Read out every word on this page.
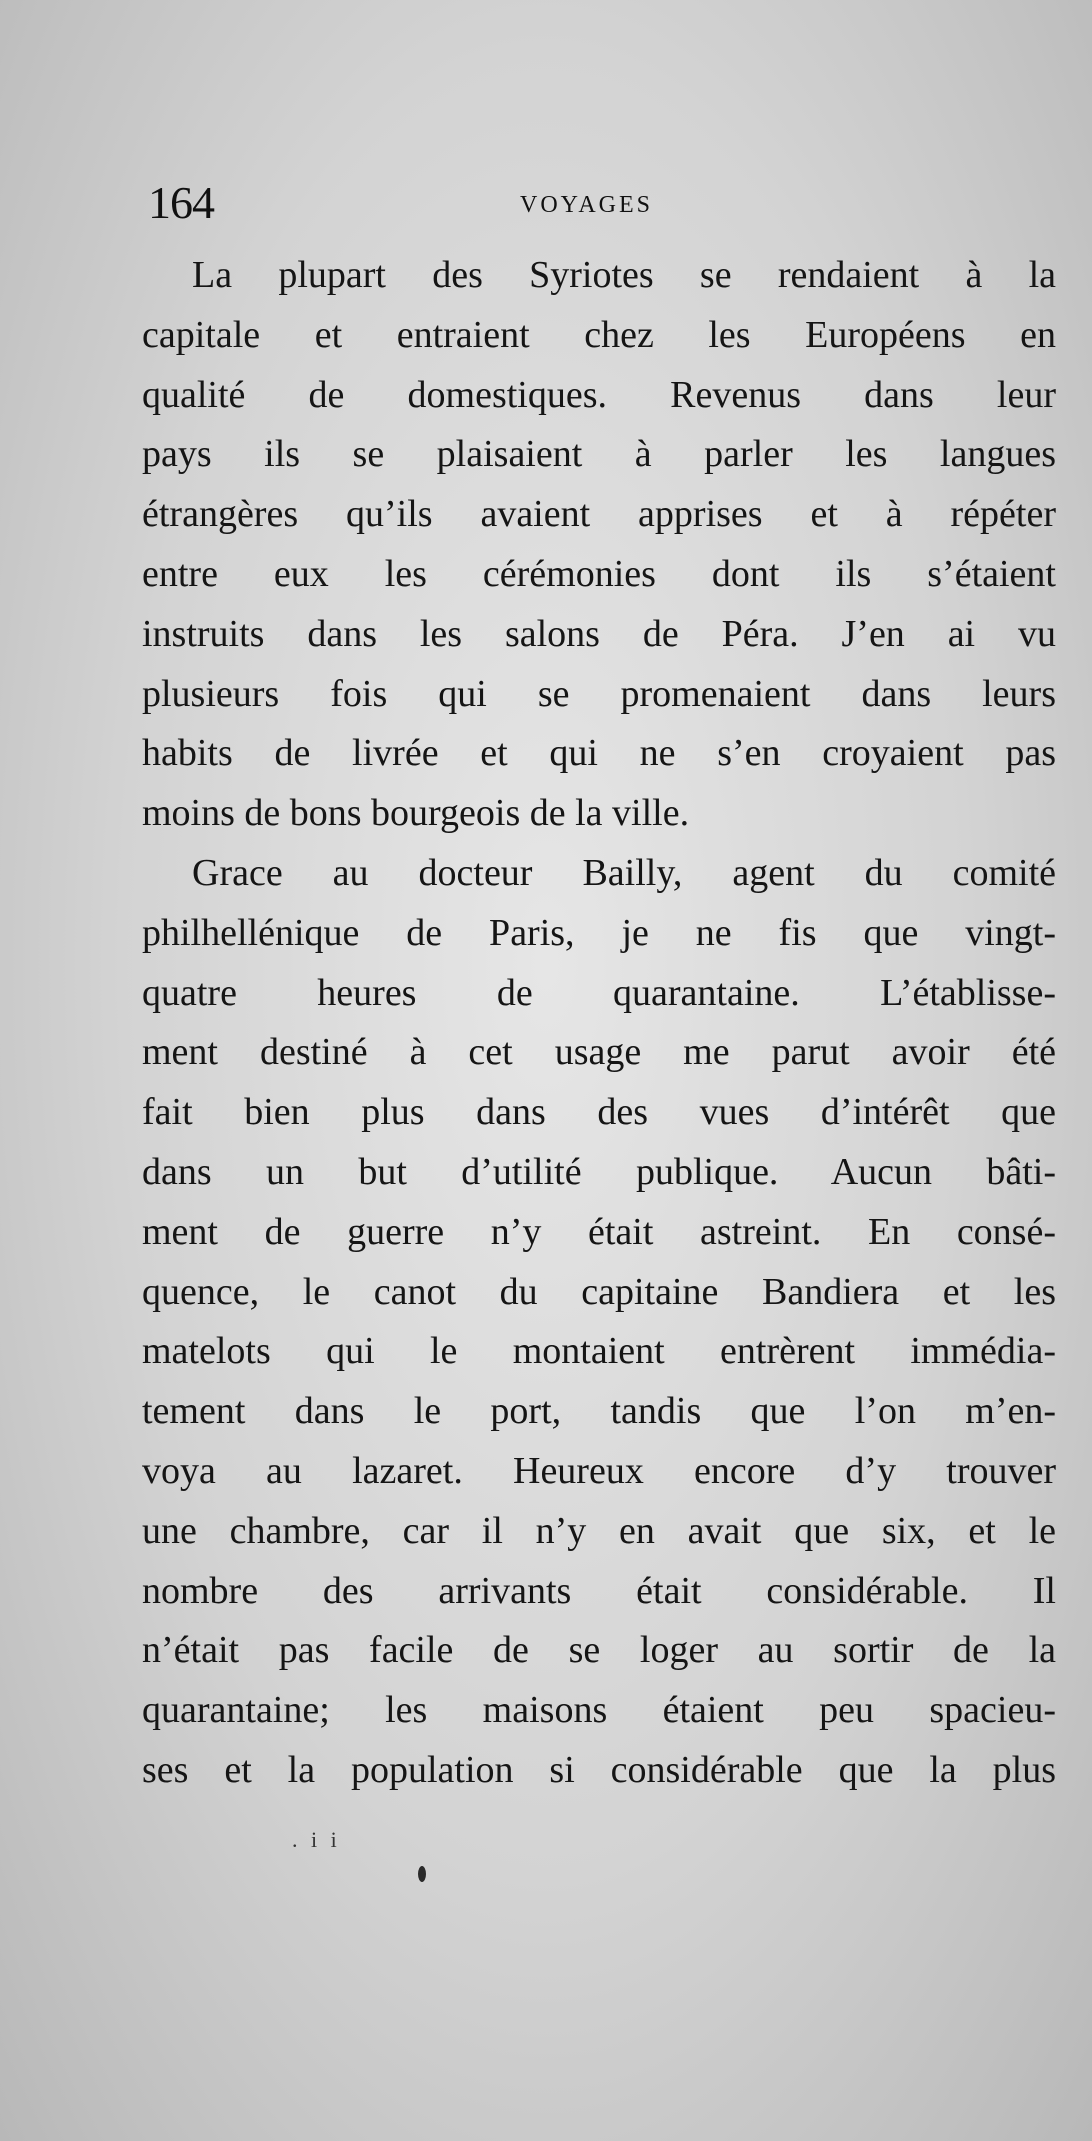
164	VOYAGES
La plupart des Syriotes se rendaient à la
capitale et entraient chez les Européens en
qualité de domestiques. Revenus dans leur
pays ils se plaisaient à parler les langues
étrangères qu’ils avaient apprises et à répéter
entre eux les cérémonies dont ils s’étaient
instruits dans les salons de Péra. J’en ai vu
plusieurs fois qui se promenaient dans leurs
habits de livrée et qui ne s’en croyaient pas
moins de bons bourgeois de la ville.
Grace au docteur Bailly, agent du comité
philhellénique de Paris, je ne fis que vingt-
quatre heures de quarantaine. L’établisse-
ment destiné à cet usage me parut avoir été
fait bien plus dans des vues d’intérêt que
dans un but d’utilité publique. Aucun bâti-
ment de guerre n’y était astreint. En consé-
quence, le canot du capitaine Bandiera et les
matelots qui le montaient entrèrent immédia-
tement dans le port, tandis que l’on m’en-
voya au lazaret. Heureux encore d’y trouver
une chambre, car il n’y en avait que six, et le
nombre des arrivants était considérable. Il
n’était pas facile de se loger au sortir de la
quarantaine; les maisons étaient peu spacieu-
ses et la population si considérable que la plus
. i i
